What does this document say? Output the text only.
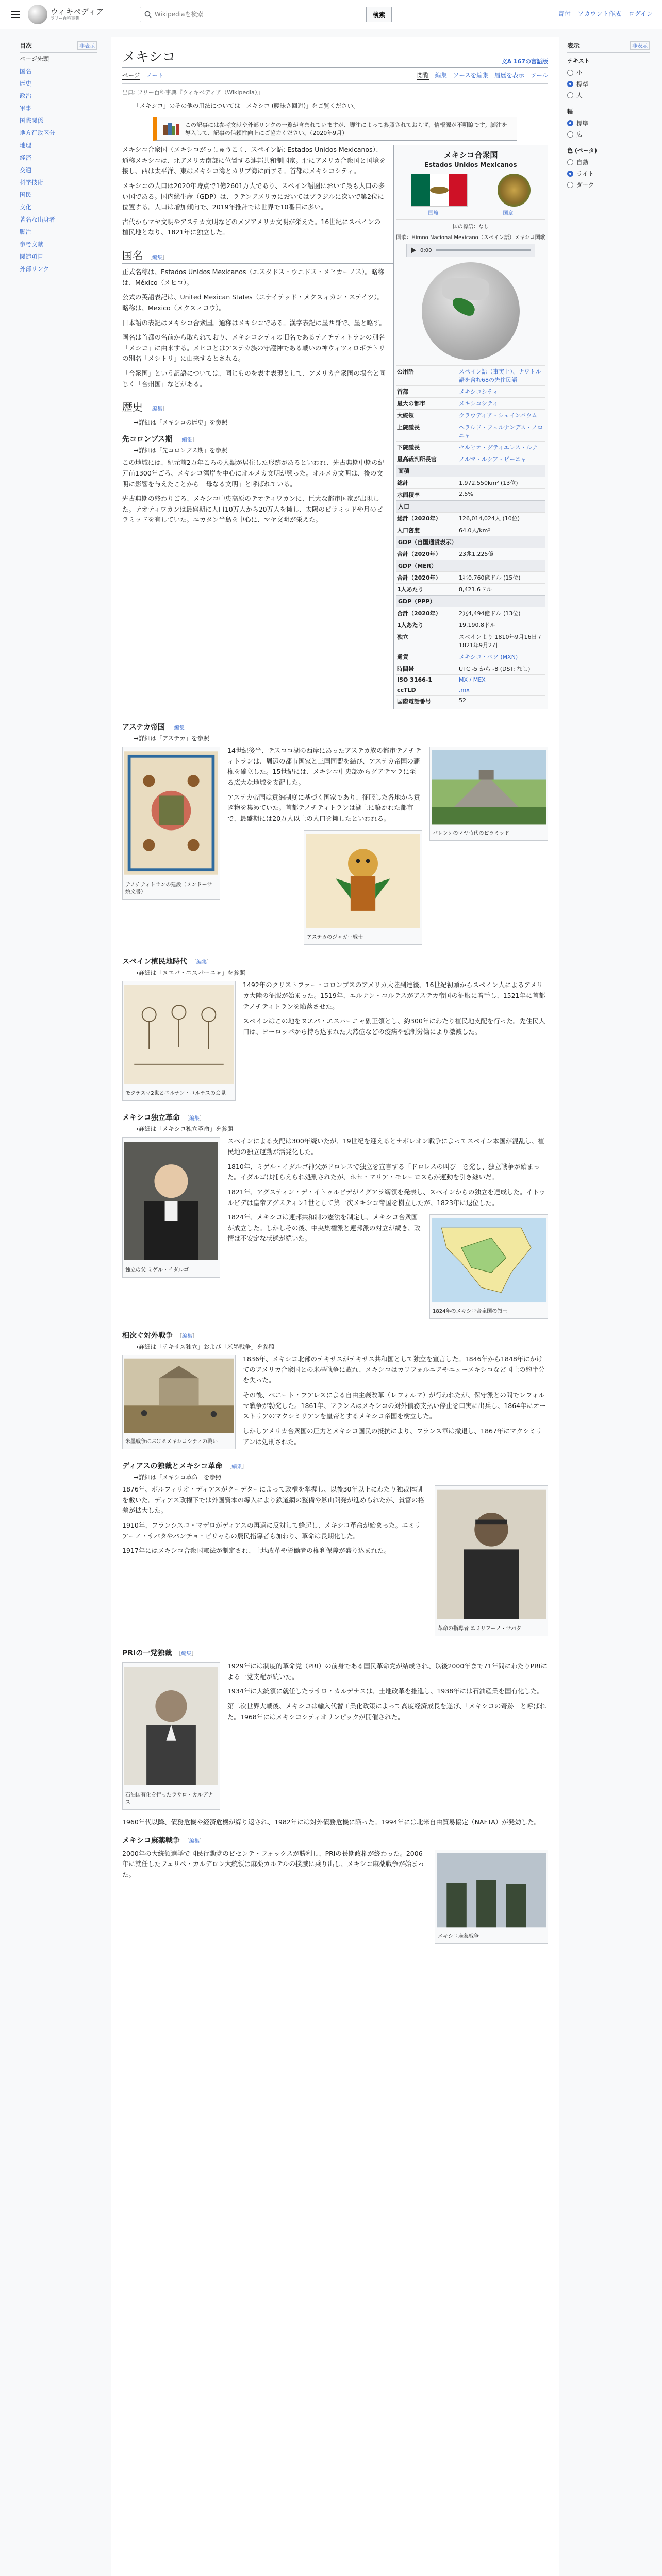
ウィキペディア
フリー百科事典
Wikipediaを検索	検索	寄付 アカウント作成 ログイン
目次	非表示
ページ先頭
国名
歴史
政治
軍事
国際関係
地方行政区分
地理
経済
交通
科学技術
国民
文化
著名な出身者
脚注
参考文献
関連項目
外部リンク
表示	非表示
テキスト
小
標準
大
幅
標準
広
色 (ベータ)
自動
ライト
ダーク
メキシコ	文A 167の言語版
ページ ノート	閲覧 編集 ソースを編集 履歴を表示 ツール
出典: フリー百科事典『ウィキペディア（Wikipedia）』
「メキシコ」のその他の用法については「メキシコ (曖昧さ回避)」をご覧ください。
この記事には参考文献や外部リンクの一覧が含まれていますが、脚注によって参照されておらず、情報源が不明瞭です。脚注を導入して、記事の信頼性向上にご協力ください。（2020年9月）
メキシコ合衆国
Estados Unidos Mexicanos
国旗	国章
国の標語：なし
国歌：Himno Nacional Mexicano（スペイン語）メキシコ国歌
0:00
公用語	スペイン語（事実上）、ナワトル語を含む68の先住民語
首都	メキシコシティ
最大の都市	メキシコシティ
大統領	クラウディア・シェインバウム
上院議長	ヘラルド・フェルナンデス・ノロニャ
下院議長	セルヒオ・グティエレス・ルナ
最高裁判所長官	ノルマ・ルシア・ピーニャ
面積
総計	1,972,550km² (13位)
水面積率	2.5%
人口
総計（2020年）	126,014,024人 (10位)
人口密度	64.0人/km²
GDP（自国通貨表示）
合計（2020年）	23兆1,225億
GDP（MER）
合計（2020年）	1兆0,760億ドル (15位)
1人あたり	8,421.6ドル
GDP（PPP）
合計（2020年）	2兆4,494億ドル (13位)
1人あたり	19,190.8ドル
独立	スペインより 1810年9月16日 / 1821年9月27日
通貨	メキシコ・ペソ (MXN)
時間帯	UTC -5 から -8 (DST: なし)
ISO 3166-1	MX / MEX
ccTLD	.mx
国際電話番号	52

メキシコ合衆国（メキシコがっしゅうこく、スペイン語: Estados Unidos Mexicanos）、通称メキシコは、北アメリカ南部に位置する連邦共和制国家。北にアメリカ合衆国と国境を接し、西は太平洋、東はメキシコ湾とカリブ海に面する。首都はメキシコシティ。

メキシコの人口は2020年時点で1億2601万人であり、スペイン語圏において最も人口の多い国である。国内総生産（GDP）は、ラテンアメリカにおいてはブラジルに次いで第2位に位置する。人口は増加傾向で、2019年推計では世界で10番目に多い。

古代からマヤ文明やアステカ文明などのメソアメリカ文明が栄えた。16世紀にスペインの植民地となり、1821年に独立した。

国名 ［編集］

正式名称は、Estados Unidos Mexicanos（エスタドス・ウニドス・メヒカーノス）。略称は、México（メヒコ）。

公式の英語表記は、United Mexican States（ユナイテッド・メクスィカン・ステイツ）。略称は、Mexico（メクスィコウ）。

日本語の表記はメキシコ合衆国。通称はメキシコである。漢字表記は墨西哥で、墨と略す。

国名は首都の名前から取られており、メキシコシティの旧名であるテノチティトランの別名「メシコ」に由来する。メヒコとはアステカ族の守護神である戦いの神ウィツィロポチトリの別名「メシトリ」に由来するとされる。

「合衆国」という訳語については、同じものを表す表現として、アメリカ合衆国の場合と同じく「合州国」などがある。

歴史 ［編集］
→詳細は「メキシコの歴史」を参照
先コロンブス期 ［編集］
→詳細は「先コロンブス期」を参照

この地域には、紀元前2万年ころの人類が居住した形跡があるといわれ、先古典期中期の紀元前1300年ごろ、メキシコ湾岸を中心にオルメカ文明が興った。オルメカ文明は、後の文明に影響を与えたことから「母なる文明」と呼ばれている。

先古典期の終わりごろ、メキシコ中央高原のテオティワカンに、巨大な都市国家が出現した。テオティワカンは最盛期に人口10万人から20万人を擁し、太陽のピラミッドや月のピラミッドを有していた。ユカタン半島を中心に、マヤ文明が栄えた。

アステカ帝国 ［編集］
→詳細は「アステカ」を参照
テノチティトランの建設（メンドーサ絵文書）
パレンケのマヤ時代のピラミッド

14世紀後半、テスココ湖の西岸にあったアステカ族の都市テノチティトランは、周辺の都市国家と三国同盟を結び、アステカ帝国の覇権を確立した。15世紀には、メキシコ中央部からグアテマラに至る広大な地域を支配した。

アステカ帝国は貢納制度に基づく国家であり、征服した各地から貢ぎ物を集めていた。首都テノチティトランは湖上に築かれた都市で、最盛期には20万人以上の人口を擁したといわれる。

アステカのジャガー戦士
スペイン植民地時代 ［編集］
→詳細は「ヌエバ・エスパーニャ」を参照
モクテスマ2世とエルナン・コルテスの会見

1492年のクリストファー・コロンブスのアメリカ大陸到達後、16世紀初頭からスペイン人によるアメリカ大陸の征服が始まった。1519年、エルナン・コルテスがアステカ帝国の征服に着手し、1521年に首都テノチティトランを陥落させた。

スペインはこの地をヌエバ・エスパーニャ副王領とし、約300年にわたり植民地支配を行った。先住民人口は、ヨーロッパから持ち込まれた天然痘などの疫病や強制労働により激減した。

メキシコ独立革命 ［編集］
→詳細は「メキシコ独立革命」を参照
独立の父 ミゲル・イダルゴ

スペインによる支配は300年続いたが、19世紀を迎えるとナポレオン戦争によってスペイン本国が混乱し、植民地の独立運動が活発化した。

1810年、ミゲル・イダルゴ神父がドロレスで独立を宣言する「ドロレスの叫び」を発し、独立戦争が始まった。イダルゴは捕らえられ処刑されたが、ホセ・マリア・モレーロスらが運動を引き継いだ。

1821年、アグスティン・デ・イトゥルビデがイグアラ綱領を発表し、スペインからの独立を達成した。イトゥルビデは皇帝アグスティン1世として第一次メキシコ帝国を樹立したが、1823年に退位した。

1824年のメキシコ合衆国の領土

1824年、メキシコは連邦共和制の憲法を制定し、メキシコ合衆国が成立した。しかしその後、中央集権派と連邦派の対立が続き、政情は不安定な状態が続いた。

相次ぐ対外戦争 ［編集］
→詳細は「テキサス独立」および「米墨戦争」を参照
米墨戦争におけるメキシコシティの戦い

1836年、メキシコ北部のテキサスがテキサス共和国として独立を宣言した。1846年から1848年にかけてのアメリカ合衆国との米墨戦争に敗れ、メキシコはカリフォルニアやニューメキシコなど国土の約半分を失った。

その後、ベニート・フアレスによる自由主義改革（レフォルマ）が行われたが、保守派との間でレフォルマ戦争が勃発した。1861年、フランスはメキシコの対外債務支払い停止を口実に出兵し、1864年にオーストリアのマクシミリアンを皇帝とするメキシコ帝国を樹立した。

しかしアメリカ合衆国の圧力とメキシコ国民の抵抗により、フランス軍は撤退し、1867年にマクシミリアンは処刑された。

ディアスの独裁とメキシコ革命 ［編集］
→詳細は「メキシコ革命」を参照
革命の指導者 エミリアーノ・サパタ

1876年、ポルフィリオ・ディアスがクーデターによって政権を掌握し、以後30年以上にわたり独裁体制を敷いた。ディアス政権下では外国資本の導入により鉄道網の整備や鉱山開発が進められたが、貧富の格差が拡大した。

1910年、フランシスコ・マデロがディアスの再選に反対して蜂起し、メキシコ革命が始まった。エミリアーノ・サパタやパンチョ・ビリャらの農民指導者も加わり、革命は長期化した。

1917年にはメキシコ合衆国憲法が制定され、土地改革や労働者の権利保障が盛り込まれた。

PRIの一党独裁 ［編集］
石油国有化を行ったラサロ・カルデナス

1929年には制度的革命党（PRI）の前身である国民革命党が結成され、以後2000年まで71年間にわたりPRIによる一党支配が続いた。

1934年に大統領に就任したラサロ・カルデナスは、土地改革を推進し、1938年には石油産業を国有化した。

第二次世界大戦後、メキシコは輸入代替工業化政策によって高度経済成長を遂げ、「メキシコの奇跡」と呼ばれた。1968年にはメキシコシティオリンピックが開催された。

1960年代以降、債務危機や経済危機が繰り返され、1982年には対外債務危機に陥った。1994年には北米自由貿易協定（NAFTA）が発効した。

メキシコ麻薬戦争 ［編集］
メキシコ麻薬戦争

2000年の大統領選挙で国民行動党のビセンテ・フォックスが勝利し、PRIの長期政権が終わった。2006年に就任したフェリペ・カルデロン大統領は麻薬カルテルの撲滅に乗り出し、メキシコ麻薬戦争が始まった。
